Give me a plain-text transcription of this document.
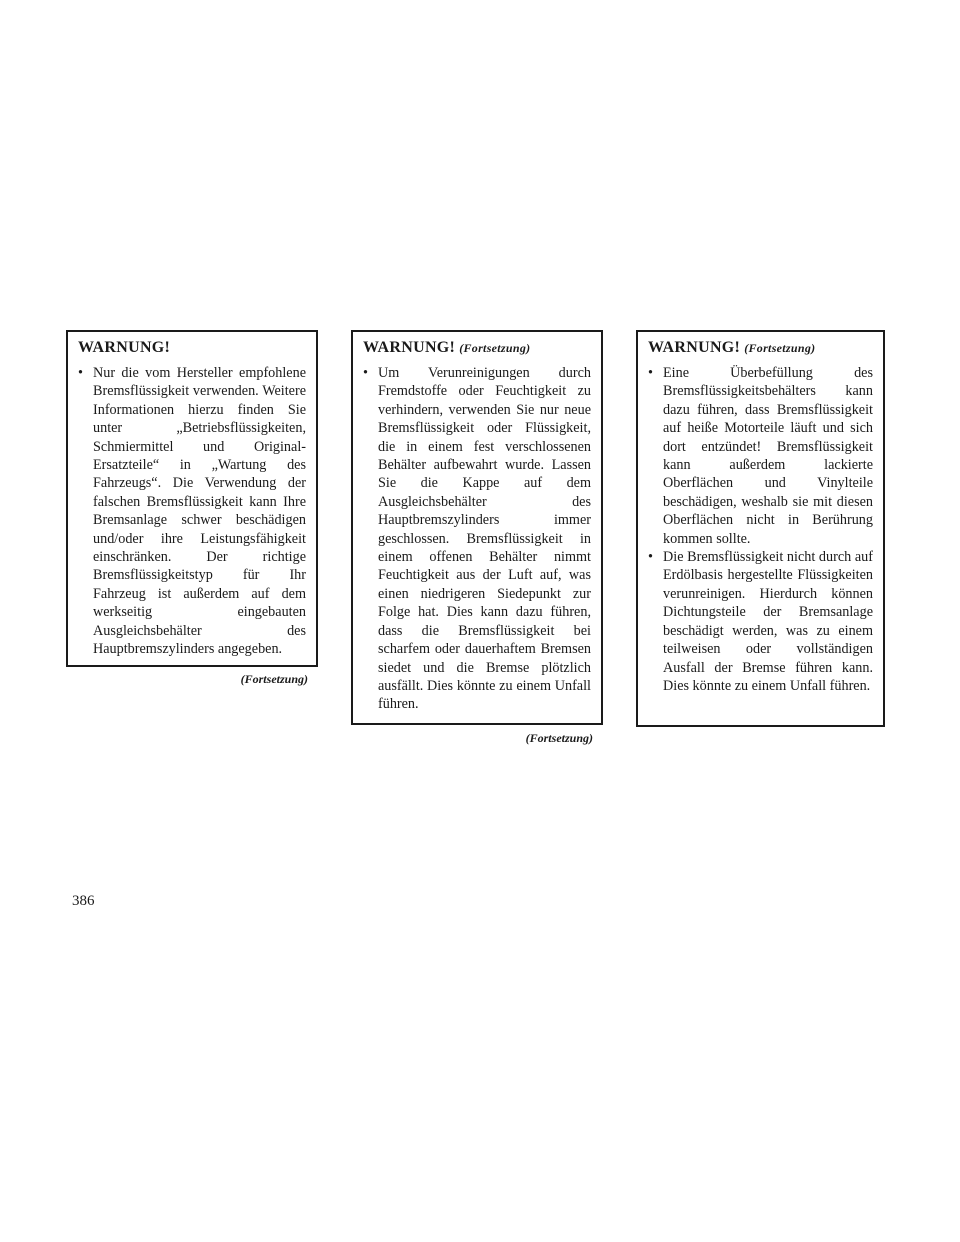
WARNUNG!

• Nur die vom Hersteller empfohlene Bremsflüssigkeit verwenden. Weitere Informationen hierzu finden Sie unter „Betriebsflüssigkeiten, Schmiermittel und Original-Ersatzteile“ in „Wartung des Fahrzeugs“. Die Verwendung der falschen Bremsflüssigkeit kann Ihre Bremsanlage schwer beschädigen und/oder ihre Leistungsfähigkeit einschränken. Der richtige Bremsflüssigkeitstyp für Ihr Fahrzeug ist außerdem auf dem werkseitig eingebauten Ausgleichsbehälter des Hauptbremszylinders angegeben.

(Fortsetzung)
WARNUNG! (Fortsetzung)

• Um Verunreinigungen durch Fremdstoffe oder Feuchtigkeit zu verhindern, verwenden Sie nur neue Bremsflüssigkeit oder Flüssigkeit, die in einem fest verschlossenen Behälter aufbewahrt wurde. Lassen Sie die Kappe auf dem Ausgleichsbehälter des Hauptbremszylinders immer geschlossen. Bremsflüssigkeit in einem offenen Behälter nimmt Feuchtigkeit aus der Luft auf, was einen niedrigeren Siedepunkt zur Folge hat. Dies kann dazu führen, dass die Bremsflüssigkeit bei scharfem oder dauerhaftem Bremsen siedet und die Bremse plötzlich ausfällt. Dies könnte zu einem Unfall führen.

(Fortsetzung)
WARNUNG! (Fortsetzung)

• Eine Überbefüllung des Bremsflüssigkeitsbehälters kann dazu führen, dass Bremsflüssigkeit auf heiße Motorteile läuft und sich dort entzündet! Bremsflüssigkeit kann außerdem lackierte Oberflächen und Vinylteile beschädigen, weshalb sie mit diesen Oberflächen nicht in Berührung kommen sollte.

• Die Bremsflüssigkeit nicht durch auf Erdölbasis hergestellte Flüssigkeiten verunreinigen. Hierdurch können Dichtungsteile der Bremsanlage beschädigt werden, was zu einem teilweisen oder vollständigen Ausfall der Bremse führen kann. Dies könnte zu einem Unfall führen.

386
